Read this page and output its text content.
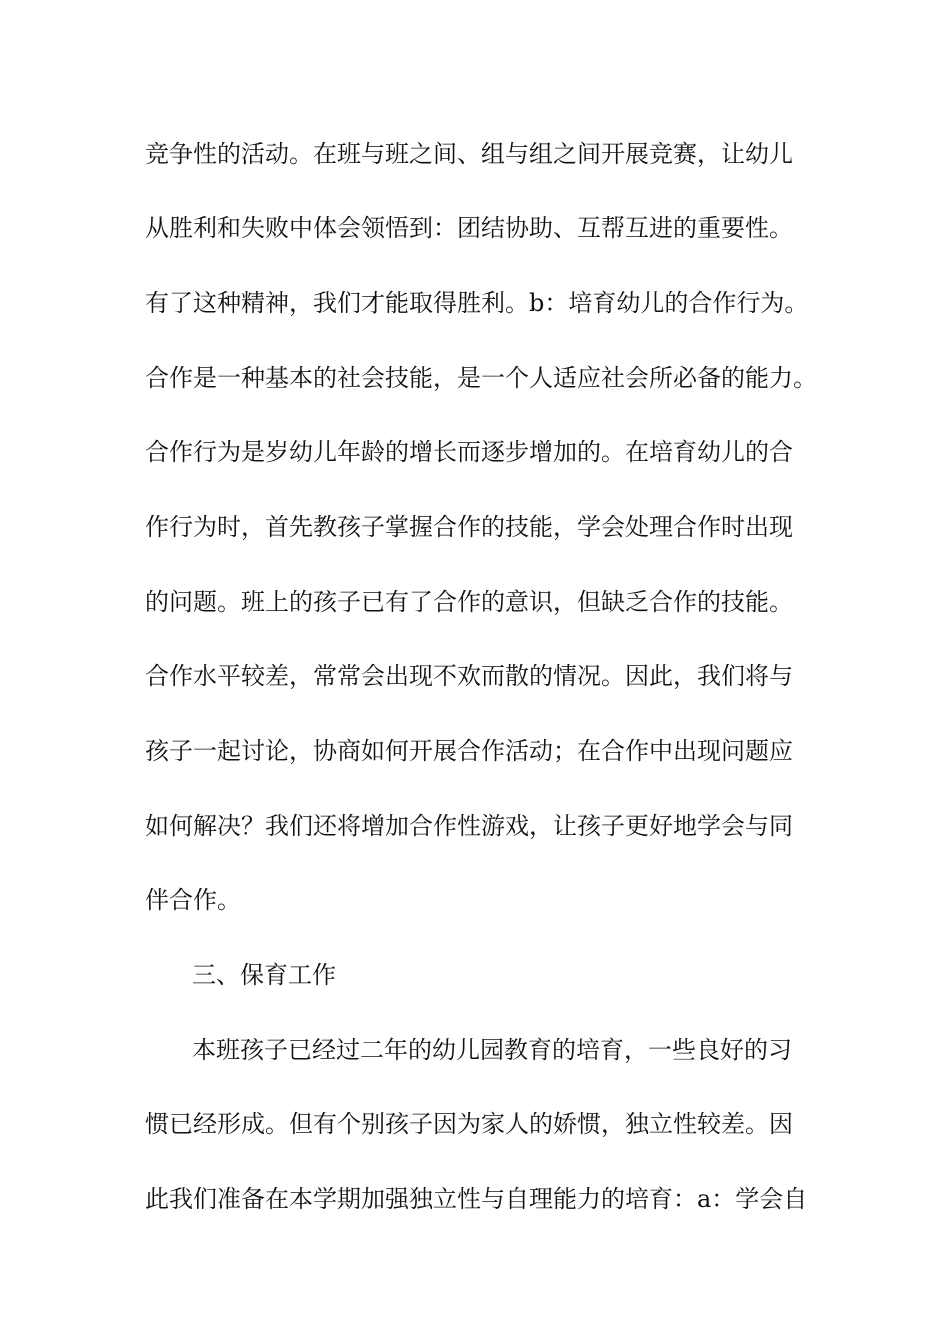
竞争性的活动。在班与班之间、组与组之间开展竞赛，让幼儿

从胜利和失败中体会领悟到：团结协助、互帮互进的重要性。

有了这种精神，我们才能取得胜利。b：培育幼儿的合作行为。

合作是一种基本的社会技能，是一个人适应社会所必备的能力。

合作行为是岁幼儿年龄的增长而逐步增加的。在培育幼儿的合

作行为时，首先教孩子掌握合作的技能，学会处理合作时出现

的问题。班上的孩子已有了合作的意识，但缺乏合作的技能。

合作水平较差，常常会出现不欢而散的情况。因此，我们将与

孩子一起讨论，协商如何开展合作活动；在合作中出现问题应

如何解决？我们还将增加合作性游戏，让孩子更好地学会与同

伴合作。

三、保育工作

本班孩子已经过二年的幼儿园教育的培育，一些良好的习

惯已经形成。但有个别孩子因为家人的娇惯，独立性较差。因

此我们准备在本学期加强独立性与自理能力的培育：a：学会自
